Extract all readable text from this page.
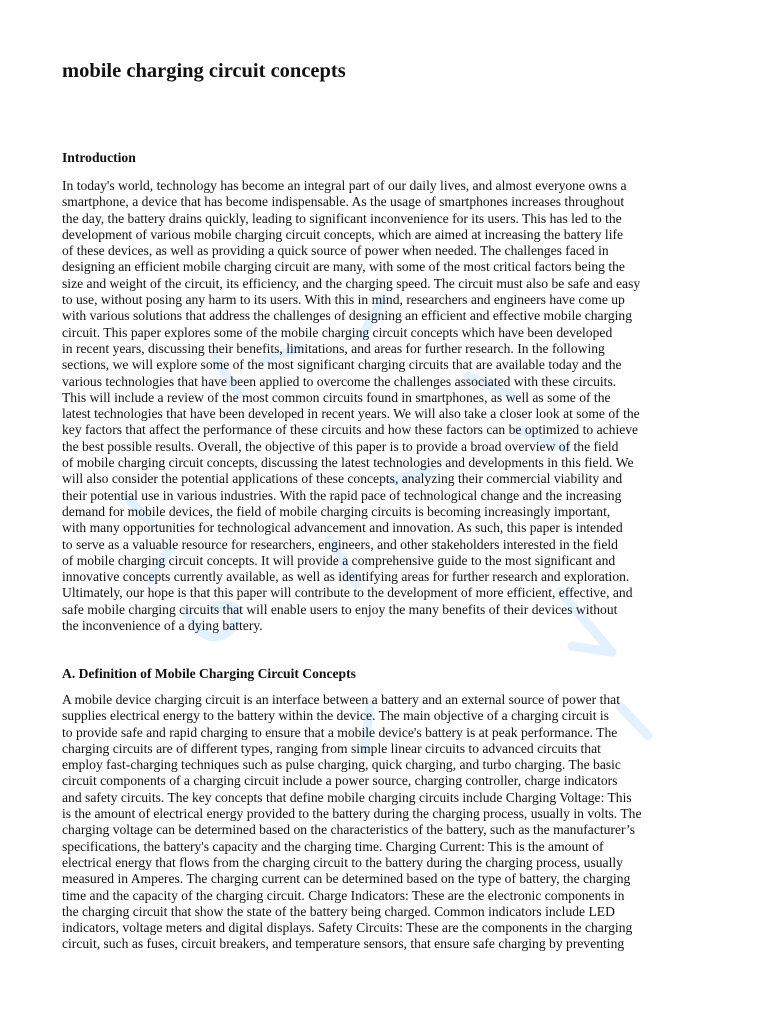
mobile charging circuit concepts
Introduction

In today's world, technology has become an integral part of our daily lives, and almost everyone owns a
smartphone, a device that has become indispensable. As the usage of smartphones increases throughout
the day, the battery drains quickly, leading to significant inconvenience for its users. This has led to the
development of various mobile charging circuit concepts, which are aimed at increasing the battery life
of these devices, as well as providing a quick source of power when needed. The challenges faced in
designing an efficient mobile charging circuit are many, with some of the most critical factors being the
size and weight of the circuit, its efficiency, and the charging speed. The circuit must also be safe and easy
to use, without posing any harm to its users. With this in mind, researchers and engineers have come up
with various solutions that address the challenges of designing an efficient and effective mobile charging
circuit. This paper explores some of the mobile charging circuit concepts which have been developed
in recent years, discussing their benefits, limitations, and areas for further research. In the following
sections, we will explore some of the most significant charging circuits that are available today and the
various technologies that have been applied to overcome the challenges associated with these circuits.
This will include a review of the most common circuits found in smartphones, as well as some of the
latest technologies that have been developed in recent years. We will also take a closer look at some of the
key factors that affect the performance of these circuits and how these factors can be optimized to achieve
the best possible results. Overall, the objective of this paper is to provide a broad overview of the field
of mobile charging circuit concepts, discussing the latest technologies and developments in this field. We
will also consider the potential applications of these concepts, analyzing their commercial viability and
their potential use in various industries. With the rapid pace of technological change and the increasing
demand for mobile devices, the field of mobile charging circuits is becoming increasingly important,
with many opportunities for technological advancement and innovation. As such, this paper is intended
to serve as a valuable resource for researchers, engineers, and other stakeholders interested in the field
of mobile charging circuit concepts. It will provide a comprehensive guide to the most significant and
innovative concepts currently available, as well as identifying areas for further research and exploration.
Ultimately, our hope is that this paper will contribute to the development of more efficient, effective, and
safe mobile charging circuits that will enable users to enjoy the many benefits of their devices without
the inconvenience of a dying battery.

A. Definition of Mobile Charging Circuit Concepts

A mobile device charging circuit is an interface between a battery and an external source of power that
supplies electrical energy to the battery within the device. The main objective of a charging circuit is
to provide safe and rapid charging to ensure that a mobile device's battery is at peak performance. The
charging circuits are of different types, ranging from simple linear circuits to advanced circuits that
employ fast-charging techniques such as pulse charging, quick charging, and turbo charging. The basic
circuit components of a charging circuit include a power source, charging controller, charge indicators
and safety circuits. The key concepts that define mobile charging circuits include Charging Voltage: This
is the amount of electrical energy provided to the battery during the charging process, usually in volts. The
charging voltage can be determined based on the characteristics of the battery, such as the manufacturer’s
specifications, the battery's capacity and the charging time. Charging Current: This is the amount of
electrical energy that flows from the charging circuit to the battery during the charging process, usually
measured in Amperes. The charging current can be determined based on the type of battery, the charging
time and the capacity of the charging circuit. Charge Indicators: These are the electronic components in
the charging circuit that show the state of the battery being charged. Common indicators include LED
indicators, voltage meters and digital displays. Safety Circuits: These are the components in the charging
circuit, such as fuses, circuit breakers, and temperature sensors, that ensure safe charging by preventing
